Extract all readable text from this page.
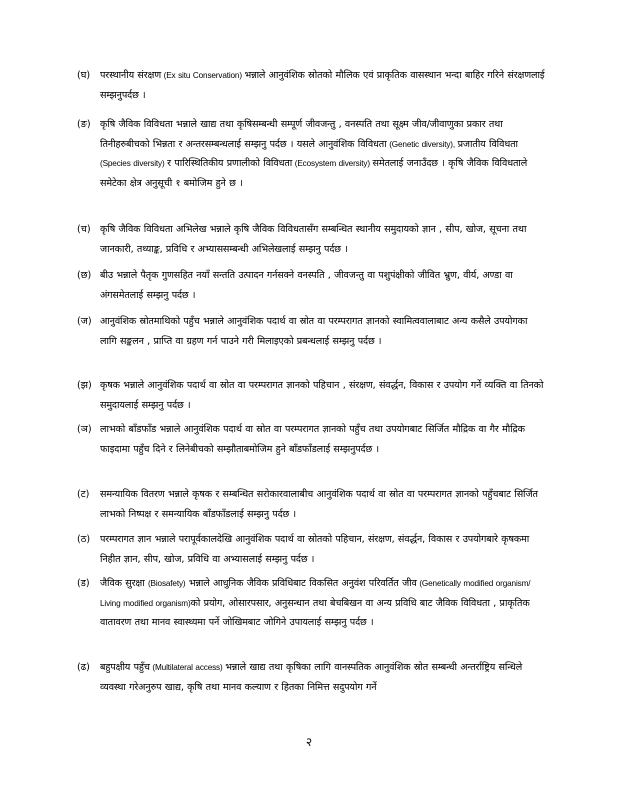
(घ)	परस्थानीय संरक्षण (Ex situ Conservation) भन्नाले आनुवंशिक स्रोतको मौलिक एवं प्राकृतिक वासस्थान भन्दा बाहिर गरिने संरक्षणलाई सम्झनुपर्दछ ।
(ङ) कृषि जैविक विविधता भन्नाले खाद्य तथा कृषिसम्बन्धी सम्पूर्ण जीवजन्तु , वनस्पति तथा सूक्ष्म जीव/जीवाणुका प्रकार तथा तिनीहरुबीचको भिन्नता र अन्तरसम्बन्धलाई सम्झनु पर्दछ । यसले आनुवंशिक विविधता (Genetic diversity), प्रजातीय विविधता (Species diversity) र पारिस्थितिकीय प्रणालीको विविधता (Ecosystem diversity) समेतलाई जनाउँदछ । कृषि जैविक विविधताले समेटेका क्षेत्र अनुसूची १ बमोजिम हुने छ ।
(च) कृषि जैविक विविधता अभिलेख भन्नाले कृषि जैविक विविधतासँग सम्बन्धित स्थानीय समुदायको ज्ञान , सीप, खोज, सूचना तथा जानकारी, तथ्याङ्क, प्रविधि र अभ्याससम्बन्धी अभिलेखलाई सम्झनु पर्दछ ।
(छ) बीउ भन्नाले पैतृक गुणसहित नयाँ सन्तति उत्पादन गर्नसक्ने वनस्पति , जीवजन्तु वा पशुपंक्षीको जीवित भ्रुण, वीर्य, अण्डा वा अंगसमेतलाई सम्झनु पर्दछ ।
(ज) आनुवंशिक स्रोतमाथिको पहुँच भन्नाले आनुवंशिक पदार्थ वा स्रोत वा परम्परागत ज्ञानको स्वामित्ववालाबाट अन्य कसैले उपयोगका लागि सङ्कलन , प्राप्ति वा ग्रहण गर्न पाउने गरी मिलाइएको प्रबन्धलाई सम्झनु पर्दछ ।
(झ) कृषक भन्नाले आनुवंशिक पदार्थ वा स्रोत वा परम्परागत ज्ञानको पहिचान , संरक्षण, संवर्द्धन, विकास र उपयोग गर्ने व्यक्ति वा तिनको समुदायलाई सम्झनु पर्दछ ।
(ञ) लाभको बाँडफाँड भन्नाले आनुवंशिक पदार्थ वा स्रोत वा परम्परागत ज्ञानको पहुँच तथा उपयोगबाट सिर्जित मौद्रिक वा गैर मौद्रिक फाइदामा पहुँच दिने र लिनेबीचको सम्झौताबमोजिम हुने बाँडफाँडलाई सम्झनुपर्दछ ।
(ट)	समन्यायिक वितरण भन्नाले कृषक र सम्बन्धित सरोकारवालाबीच आनुवंशिक पदार्थ वा स्रोत वा परम्परागत ज्ञानको पहुँचबाट सिर्जित लाभको निष्पक्ष र समन्यायिक बाँडफाँडलाई सम्झनु पर्दछ ।
(ठ)	परम्परागत ज्ञान भन्नाले परापूर्वकालदेखि आनुवंशिक पदार्थ वा स्रोतको पहिचान, संरक्षण, संवर्द्धन, विकास र उपयोगबारे कृषकमा निहीत ज्ञान, सीप, खोज, प्रविधि वा अभ्यासलाई सम्झनु पर्दछ ।
(ड)	जैविक सुरक्षा (Biosafety) भन्नाले आधुनिक जैविक प्रविधिबाट विकसित अनुवंश परिवर्तित जीव (Genetically modified organism/ Living modified organism)को प्रयोग, ओसारपसार, अनुसन्धान तथा बेचबिखन वा अन्य प्रविधि बाट जैविक विविधता , प्राकृतिक वातावरण तथा मानव स्वास्थ्यमा पर्ने जोखिमबाट जोगिने उपायलाई सम्झनु पर्दछ ।
(ढ)	बहुपक्षीय पहुँच (Multilateral access) भन्नाले खाद्य तथा कृषिका लागि वानस्पतिक आनुवंशिक स्रोत सम्बन्धी अन्तर्राष्ट्रिय सन्धिले व्यवस्था गरेअनुरुप खाद्य, कृषि तथा मानव कल्याण र हितका निमित्त सदुपयोग गर्ने
२
